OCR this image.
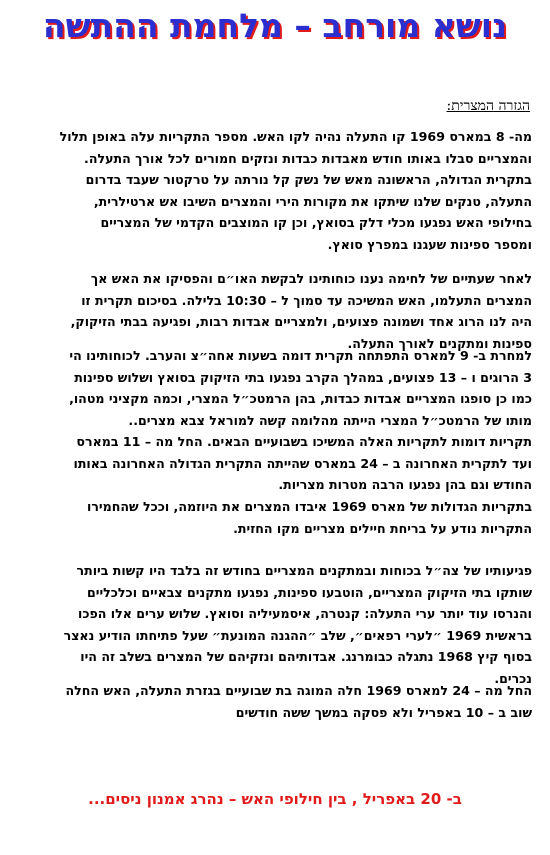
נושא מורחב – מלחמת ההתשה
הגזרה המצרית:

מה- 8 במארס 1969 קו התעלה נהיה לקו האש. מספר התקריות עלה באופן תלול

והמצריים סבלו באותו חודש מאבדות כבדות ונזקים חמורים לכל אורך התעלה.

בתקרית הגדולה, הראשונה מאש של נשק קל נורתה על טרקטור שעבד בדרום

התעלה, טנקים שלנו שיתקו את מקורות הירי והמצרים השיבו אש ארטילרית,

בחילופי האש נפגעו מכלי דלק בסואץ, וכן קו המוצבים הקדמי של המצריים

ומספר ספינות שעגנו במפרץ סואץ.

לאחר שעתיים של לחימה נענו כוחותינו לבקשת האו״ם והפסיקו את האש אך

המצרים התעלמו, האש המשיכה עד סמוך ל – 10:30 בלילה. בסיכום תקרית זו

היה לנו הרוג אחד ושמונה פצועים, ולמצריים אבדות רבות, ופגיעה בבתי הזיקוק,

ספינות ומתקנים לאורך התעלה.

למחרת ב- 9 למארס התפתחה תקרית דומה בשעות אחה״צ והערב. לכוחותינו הי

3 הרוגים ו – 13 פצועים, במהלך הקרב נפגעו בתי הזיקוק בסואץ ושלוש ספינות

כמו כן סופגו המצריים אבדות כבדות, בהן הרמטכ״ל המצרי, וכמה מקציני מטהו,

מותו של הרמטכ״ל המצרי הייתה מהלומה קשה למוראל צבא מצרים..

תקריות דומות לתקריות האלה המשיכו בשבועיים הבאים. החל מה – 11 במארס

ועד לתקרית האחרונה ב – 24 במארס שהייתה התקרית הגדולה האחרונה באותו

החודש וגם בהן נפגעו הרבה מטרות מצריות.

בתקריות הגדולות של מארס 1969 איבדו המצרים את היוזמה, וככל שהחמירו

התקריות נודע על בריחת חיילים מצריים מקו החזית.

פגיעותיו של צה״ל בכוחות ובמתקנים המצריים בחודש זה בלבד היו קשות ביותר

שותקו בתי הזיקוק המצריים, הוטבעו ספינות, נפגעו מתקנים צבאיים וכלכליים

והנרסו עוד יותר ערי התעלה: קנטרה, איסמעיליה וסואץ. שלוש ערים אלו הפכו

בראשית 1969 ״לערי רפאים״, שלב ״ההגנה המונעת״ שעל פתיחתו הודיע נאצר

בסוף קיץ 1968 נתגלה כבומרנג. אבדותיהם ונזקיהם של המצרים בשלב זה היו

נכרים.

החל מה – 24 למארס 1969 חלה המוגה בת שבועיים בגזרת התעלה, האש החלה

שוב ב – 10 באפריל ולא פסקה במשך ששה חודשים

ב- 20 באפריל , בין חילופי האש – נהרג אמנון ניסים...
